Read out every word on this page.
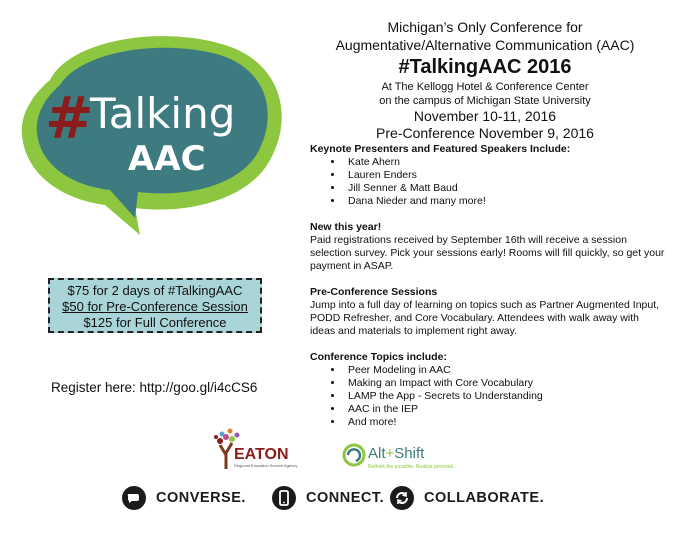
#
Talking
AAC
Michigan’s Only Conference for
Augmentative/Alternative Communication (AAC)
#TalkingAAC 2016
At The Kellogg Hotel & Conference Center
on the campus of Michigan State University
November 10-11, 2016
Pre-Conference November 9, 2016
Keynote Presenters and Featured Speakers Include:
• Kate Ahern
• Lauren Enders
• Jill Senner & Matt Baud
• Dana Nieder and many more!
New this year!

Paid registrations received by September 16th will receive a session selection survey. Pick your sessions early! Rooms will fill quickly, so get your payment in ASAP.

Pre-Conference Sessions

Jump into a full day of learning on topics such as Partner Augmented Input, PODD Refresher, and Core Vocabulary. Attendees with walk away with ideas and materials to implement right away.

Conference Topics include:
• Peer Modeling in AAC
• Making an Impact with Core Vocabulary
• LAMP the App - Secrets to Understanding
• AAC in the IEP
• And more!
$75 for 2 days of #TalkingAAC
$50 for Pre-Conference Session
$125 for Full Conference
Register here: http://goo.gl/i4cCS6
EATON
Regional Education Service Agency
Alt+Shift
Rethink the possible. Realize potential.
CONVERSE.	CONNECT.	COLLABORATE.
